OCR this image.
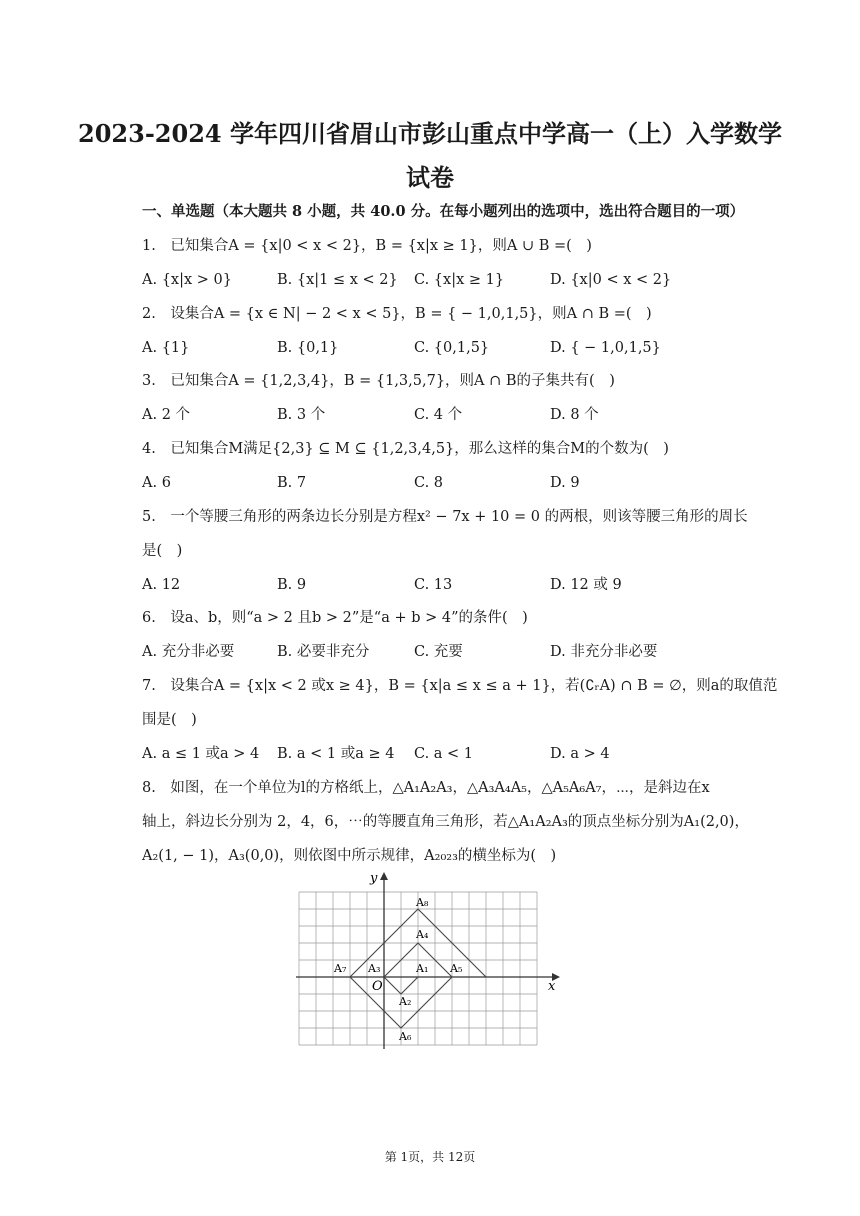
2023-2024 学年四川省眉山市彭山重点中学高一（上）入学数学
试卷
一、单选题（本大题共 8 小题，共 40.0 分。在每小题列出的选项中，选出符合题目的一项）
1.　已知集合A = {x|0 < x < 2}，B = {x|x ≥ 1}，则A ∪ B =(　)
A. {x|x > 0}	B. {x|1 ≤ x < 2} C. {x|x ≥ 1}	D. {x|0 < x < 2}
2.　设集合A = {x ∈ N| − 2 < x < 5}，B = { − 1,0,1,5}，则A ∩ B =(　)
A. {1}	B. {0,1}	C. {0,1,5}	D. { − 1,0,1,5}
3.　已知集合A = {1,2,3,4}，B = {1,3,5,7}，则A ∩ B的子集共有(　)
A. 2 个	B. 3 个	C. 4 个	D. 8 个
4.　已知集合M满足{2,3} ⊆ M ⊆ {1,2,3,4,5}，那么这样的集合M的个数为(　)
A. 6	B. 7	C. 8	D. 9
5.　一个等腰三角形的两条边长分别是方程x² − 7x + 10 = 0 的两根，则该等腰三角形的周长
是(　)
A. 12	B. 9	C. 13	D. 12 或 9
6.　设a、b，则“a > 2 且b > 2”是“a + b > 4”的条件(　)
A. 充分非必要	B. 必要非充分	C. 充要	D. 非充分非必要
7.　设集合A = {x|x < 2 或x ≥ 4}，B = {x|a ≤ x ≤ a + 1}，若(∁ᵣA) ∩ B = ∅，则a的取值范
围是(　)
A. a ≤ 1 或a > 4 B. a < 1 或a ≥ 4 C. a < 1	D. a > 4
8.　如图，在一个单位为l的方格纸上，△A₁A₂A₃，△A₃A₄A₅，△A₅A₆A₇，⋯，是斜边在x
轴上，斜边长分别为 2，4，6，⋯的等腰直角三角形，若△A₁A₂A₃的顶点坐标分别为A₁(2,0)，
A₂(1, − 1)，A₃(0,0)，则依图中所示规律，A₂₀₂₃的横坐标为(　)
x
y
O
A₁
A₂
A₃
A₄
A₅
A₆
A₇
A₈
第 1页，共 12页
